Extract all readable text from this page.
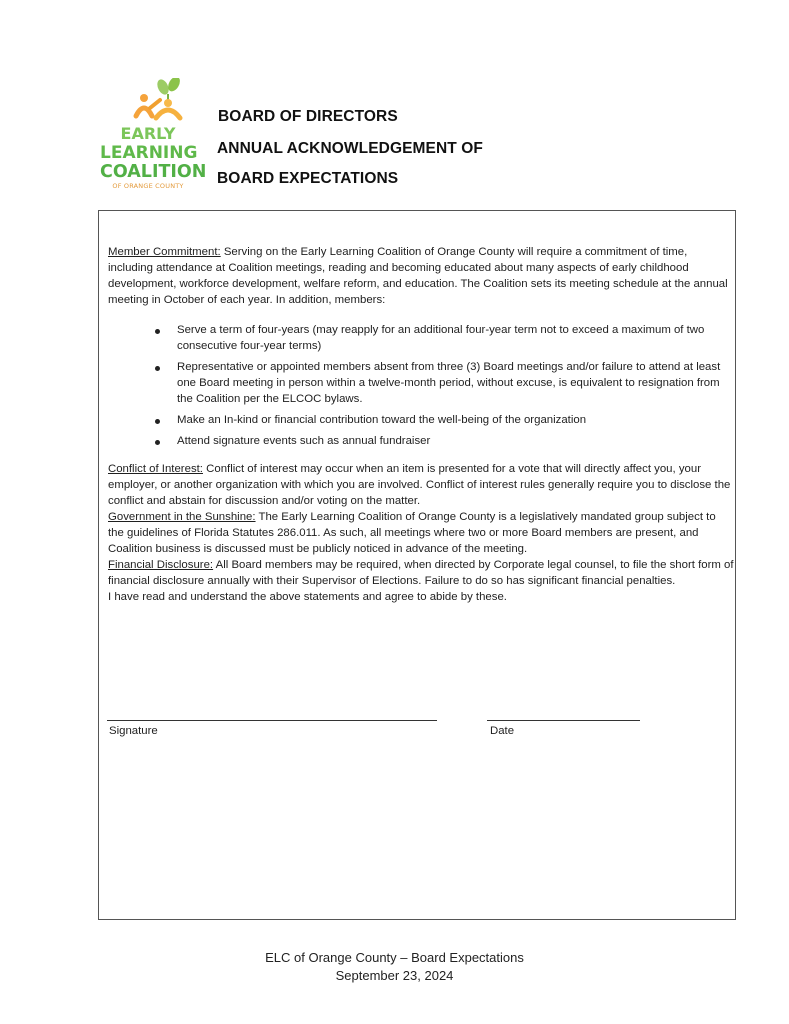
EARLY
LEARNING
COALITION
OF ORANGE COUNTY
BOARD OF DIRECTORS
ANNUAL ACKNOWLEDGEMENT OF
BOARD EXPECTATIONS
Member Commitment: Serving on the Early Learning Coalition of Orange County will require a commitment of time, including attendance at Coalition meetings, reading and becoming educated about many aspects of early childhood development, workforce development, welfare reform, and education. The Coalition sets its meeting schedule at the annual meeting in October of each year. In addition, members:
Serve a term of four-years (may reapply for an additional four-year term not to exceed a maximum of two consecutive four-year terms)
Representative or appointed members absent from three (3) Board meetings and/or failure to attend at least one Board meeting in person within a twelve-month period, without excuse, is equivalent to resignation from the Coalition per the ELCOC bylaws.
Make an In-kind or financial contribution toward the well-being of the organization
Attend signature events such as annual fundraiser
Conflict of Interest: Conflict of interest may occur when an item is presented for a vote that will directly affect you, your employer, or another organization with which you are involved. Conflict of interest rules generally require you to disclose the conflict and abstain for discussion and/or voting on the matter.
Government in the Sunshine: The Early Learning Coalition of Orange County is a legislatively mandated group subject to the guidelines of Florida Statutes 286.011. As such, all meetings where two or more Board members are present, and Coalition business is discussed must be publicly noticed in advance of the meeting.
Financial Disclosure: All Board members may be required, when directed by Corporate legal counsel, to file the short form of financial disclosure annually with their Supervisor of Elections. Failure to do so has significant financial penalties.
I have read and understand the above statements and agree to abide by these.
Signature	Date
ELC of Orange County – Board Expectations
September 23, 2024
